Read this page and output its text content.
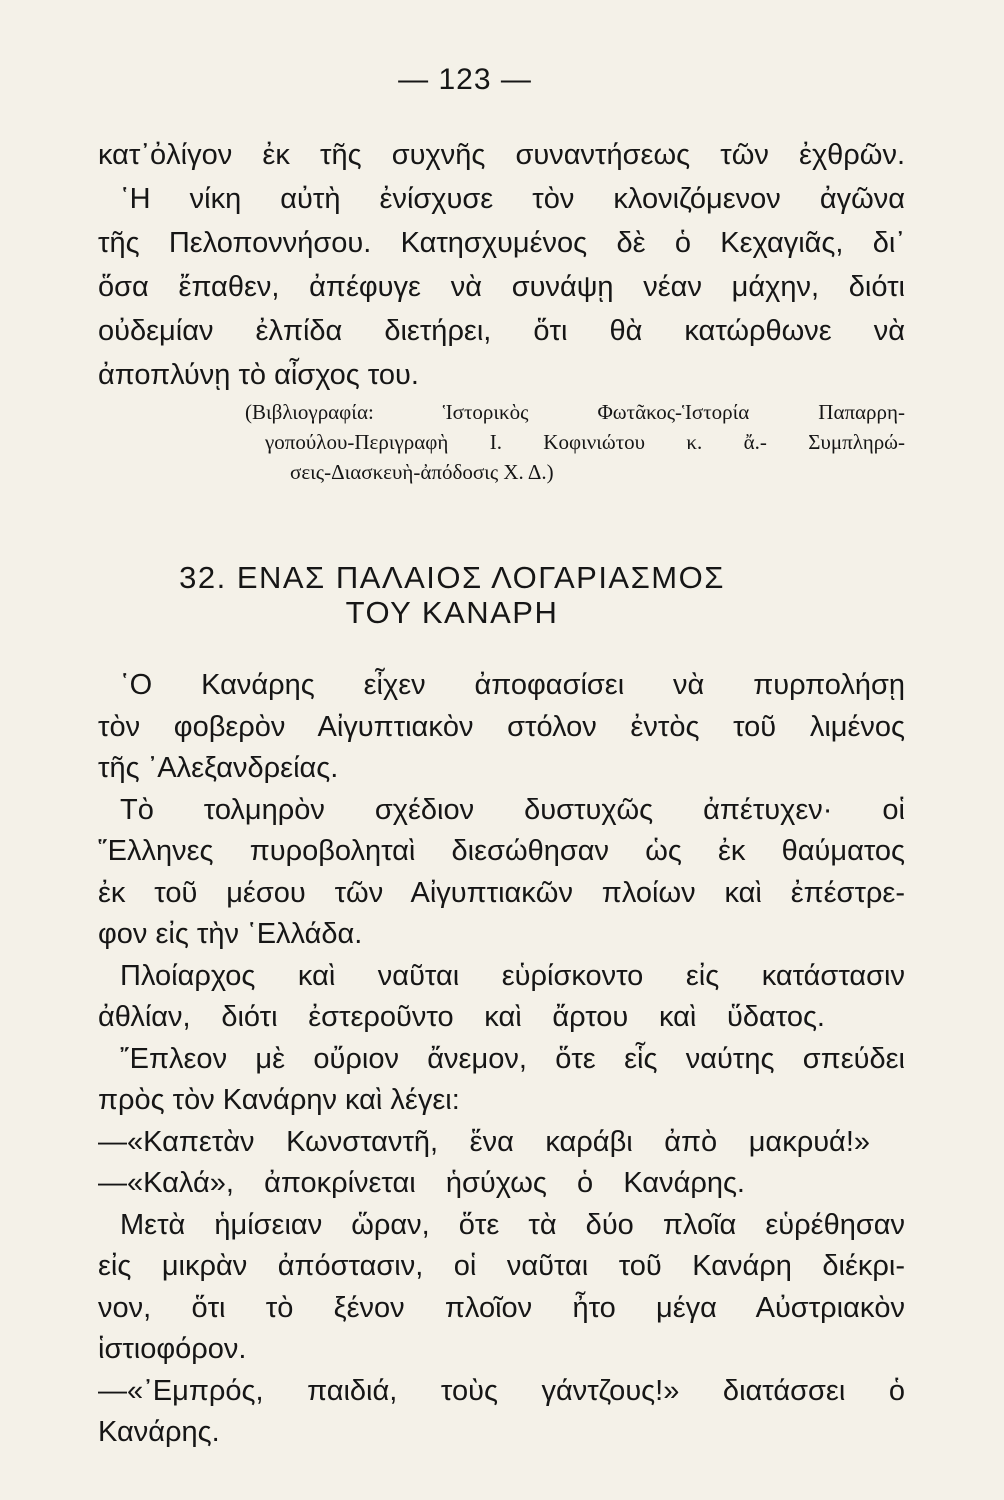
— 123 —
κατ᾿ὀλίγον ἐκ τῆς συχνῆς συναντήσεως τῶν ἐχθρῶν.
῾Η νίκη αὐτὴ ἐνίσχυσε τὸν κλονιζόμενον ἀγῶνα
τῆς Πελοποννήσου. Κατησχυμένος δὲ ὁ Κεχαγιᾶς, δι᾿
ὅσα ἔπαθεν, ἀπέφυγε νὰ συνάψῃ νέαν μάχην, διότι
οὐδεμίαν ἐλπίδα διετήρει, ὅτι θὰ κατώρθωνε νὰ
ἀποπλύνῃ τὸ αἶσχος του.
(Βιβλιογραφία: Ἱστορικὸς Φωτᾶκος-Ἱστορία Παπαρρη-
γοπούλου-Περιγραφὴ Ι. Κοφινιώτου κ. ἄ.- Συμπληρώ-
σεις-Διασκευὴ-ἀπόδοσις Χ. Δ.)
32. ΕΝΑΣ ΠΑΛΑΙΟΣ ΛΟΓΑΡΙΑΣΜΟΣ
ΤΟΥ ΚΑΝΑΡΗ
῾Ο Κανάρης εἶχεν ἀποφασίσει νὰ πυρπολήσῃ
τὸν φοβερὸν Αἰγυπτιακὸν στόλον ἐντὸς τοῦ λιμένος
τῆς ᾿Αλεξανδρείας.
Τὸ τολμηρὸν σχέδιον δυστυχῶς ἀπέτυχεν· οἱ
῞Ελληνες πυροβοληταὶ διεσώθησαν ὡς ἐκ θαύματος
ἐκ τοῦ μέσου τῶν Αἰγυπτιακῶν πλοίων καὶ ἐπέστρε-
φον εἰς τὴν ῾Ελλάδα.
Πλοίαρχος καὶ ναῦται εὑρίσκοντο εἰς κατάστασιν
ἀθλίαν, διότι ἐστεροῦντο καὶ ἄρτου καὶ ὕδατος.
῎Επλεον μὲ οὔριον ἄνεμον, ὅτε εἷς ναύτης σπεύδει
πρὸς τὸν Κανάρην καὶ λέγει:
—«Καπετὰν Κωνσταντῆ, ἕνα καράβι ἀπὸ μακρυά!»
—«Καλά», ἀποκρίνεται ἡσύχως ὁ Κανάρης.
Μετὰ ἡμίσειαν ὥραν, ὅτε τὰ δύο πλοῖα εὑρέθησαν
εἰς μικρὰν ἀπόστασιν, οἱ ναῦται τοῦ Κανάρη διέκρι-
νον, ὅτι τὸ ξένον πλοῖον ἦτο μέγα Αὐστριακὸν
ἱστιοφόρον.
—«᾿Εμπρός, παιδιά, τοὺς γάντζους!» διατάσσει ὁ
Κανάρης.
